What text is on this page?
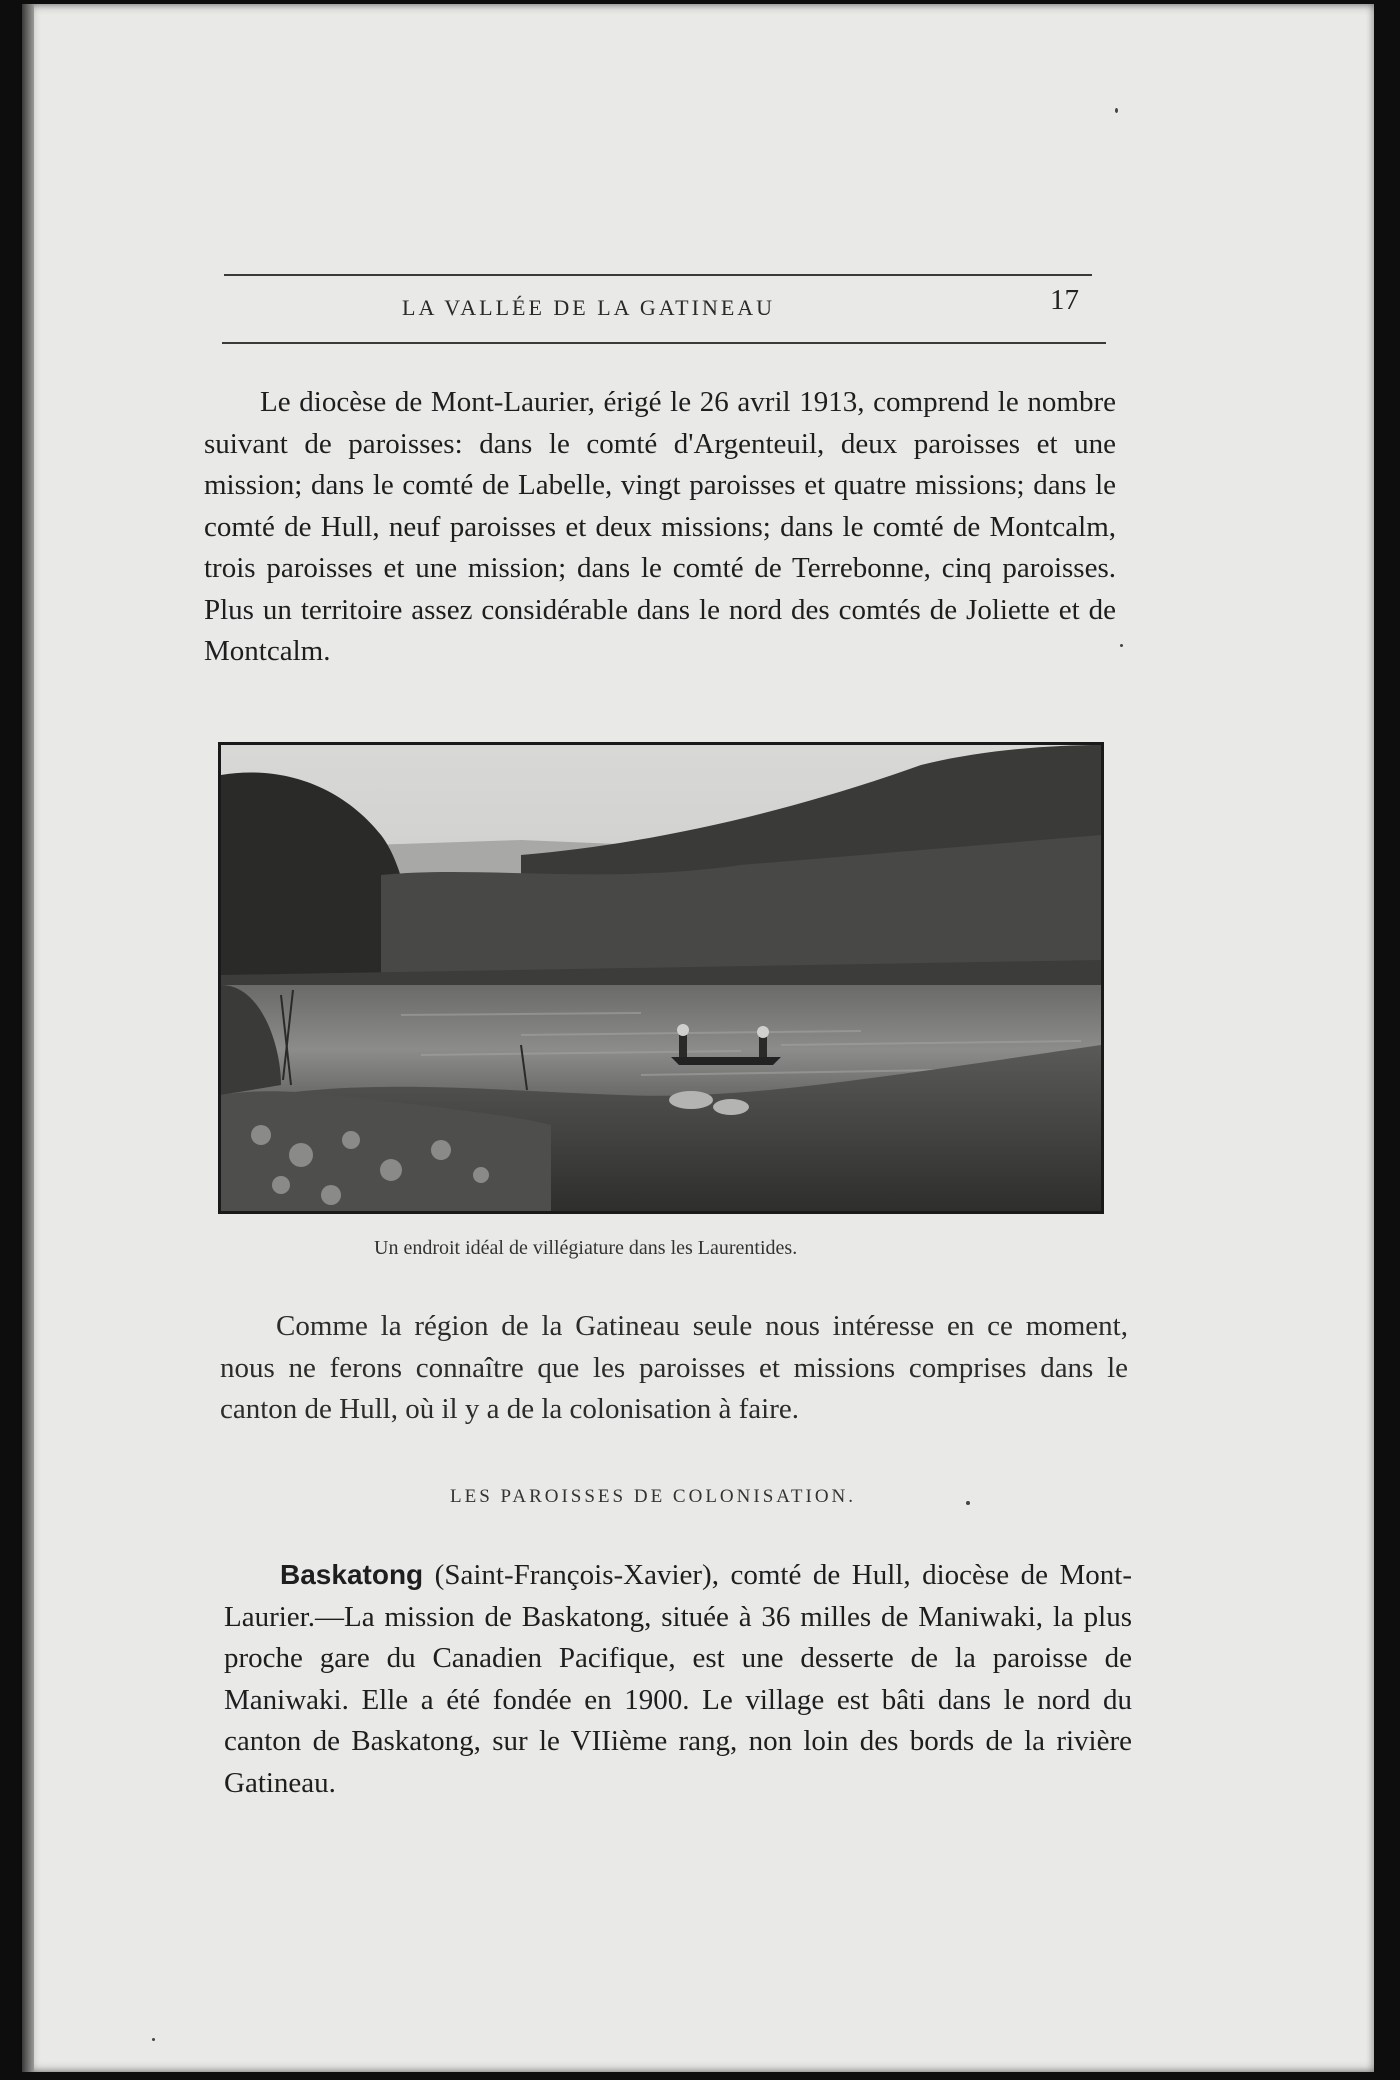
LA VALLÉE DE LA GATINEAU	17
Le diocèse de Mont-Laurier, érigé le 26 avril 1913, comprend le nombre suivant de paroisses: dans le comté d'Argenteuil, deux paroisses et une mission; dans le comté de Labelle, vingt paroisses et quatre missions; dans le comté de Hull, neuf paroisses et deux missions; dans le comté de Montcalm, trois paroisses et une mission; dans le comté de Terrebonne, cinq paroisses. Plus un territoire assez considérable dans le nord des comtés de Joliette et de Montcalm.
Un endroit idéal de villégiature dans les Laurentides.
Comme la région de la Gatineau seule nous intéresse en ce moment, nous ne ferons connaître que les paroisses et missions comprises dans le canton de Hull, où il y a de la colonisation à faire.
LES PAROISSES DE COLONISATION.
Baskatong (Saint-François-Xavier), comté de Hull, diocèse de Mont-Laurier.—La mission de Baskatong, située à 36 milles de Maniwaki, la plus proche gare du Canadien Pacifique, est une desserte de la paroisse de Maniwaki. Elle a été fondée en 1900. Le village est bâti dans le nord du canton de Baskatong, sur le VIIième rang, non loin des bords de la rivière Gatineau.
